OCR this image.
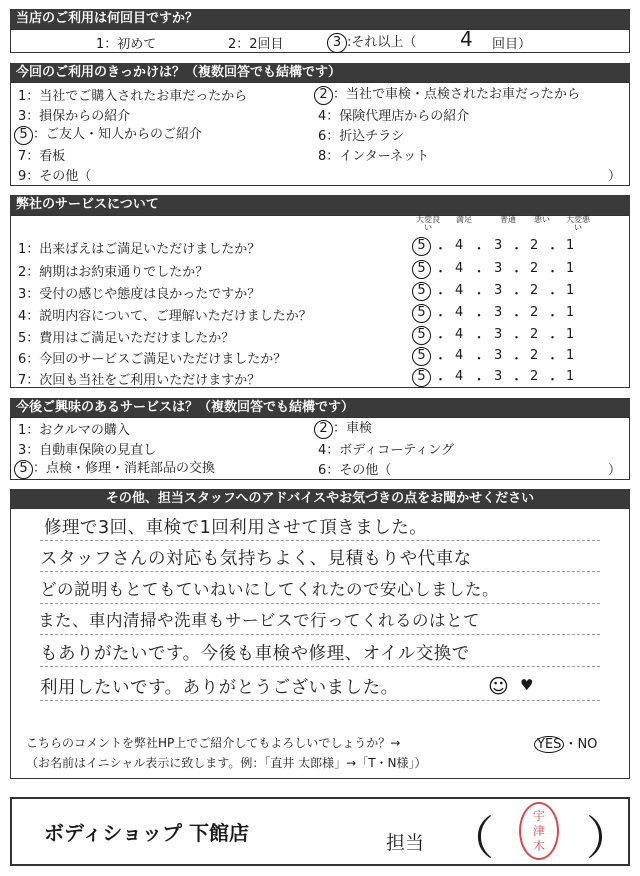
当店のご利用は何回目ですか？
1：初めて	2：2回目	3 :それ以上（ 4 回目）
今回のご利用のきっかけは？（複数回答でも結構です）
1：当社でご購入されたお車だったから	2 ：当社で車検・点検されたお車だったから
3：損保からの紹介	4：保険代理店からの紹介
5 ：ご友人・知人からのご紹介	6：折込チラシ
7：看板	8：インターネット
9：その他（	）
弊社のサービスについて
大変良い
満足	普通	悪い	大変悪い
1：出来ばえはご満足いただけましたか？	5 ・ 4 ・ 3 ・ 2 ・ 1
2：納期はお約束通りでしたか？	5 ・ 4 ・ 3 ・ 2 ・ 1
3：受付の感じや態度は良かったですか？	5 ・ 4 ・ 3 ・ 2 ・ 1
4：説明内容について、ご理解いただけましたか？	5 ・ 4 ・ 3 ・ 2 ・ 1
5：費用はご満足いただけましたか？	5 ・ 4 ・ 3 ・ 2 ・ 1
6：今回のサービスご満足いただけましたか？	5 ・ 4 ・ 3 ・ 2 ・ 1
7：次回も当社をご利用いただけますか？	5 ・ 4 ・ 3 ・ 2 ・ 1
今後ご興味のあるサービスは？（複数回答でも結構です）
1：おクルマの購入	2 ：車検
3：自動車保険の見直し	4：ボディコーティング
5 ：点検・修理・消耗部品の交換	6：その他（	）
その他、担当スタッフへのアドバイスやお気づきの点をお聞かせください
修理で3回、車検で1回利用させて頂きました。
スタッフさんの対応も気持ちよく、見積もりや代車な
どの説明もとてもていねいにしてくれたので安心しました。
また、車内清掃や洗車もサービスで行ってくれるのはとて
もありがたいです。今後も車検や修理、オイル交換で
利用したいです。ありがとうございました。	☺ ♥
こちらのコメントを弊社HP上でご紹介してもよろしいでしょうか？→	YES ・NO
（お名前はイニシャル表示に致します。例：「直井 太郎様」→「T・N様」）
ボディショップ 下館店	担当 （ ）
宇
津
木
